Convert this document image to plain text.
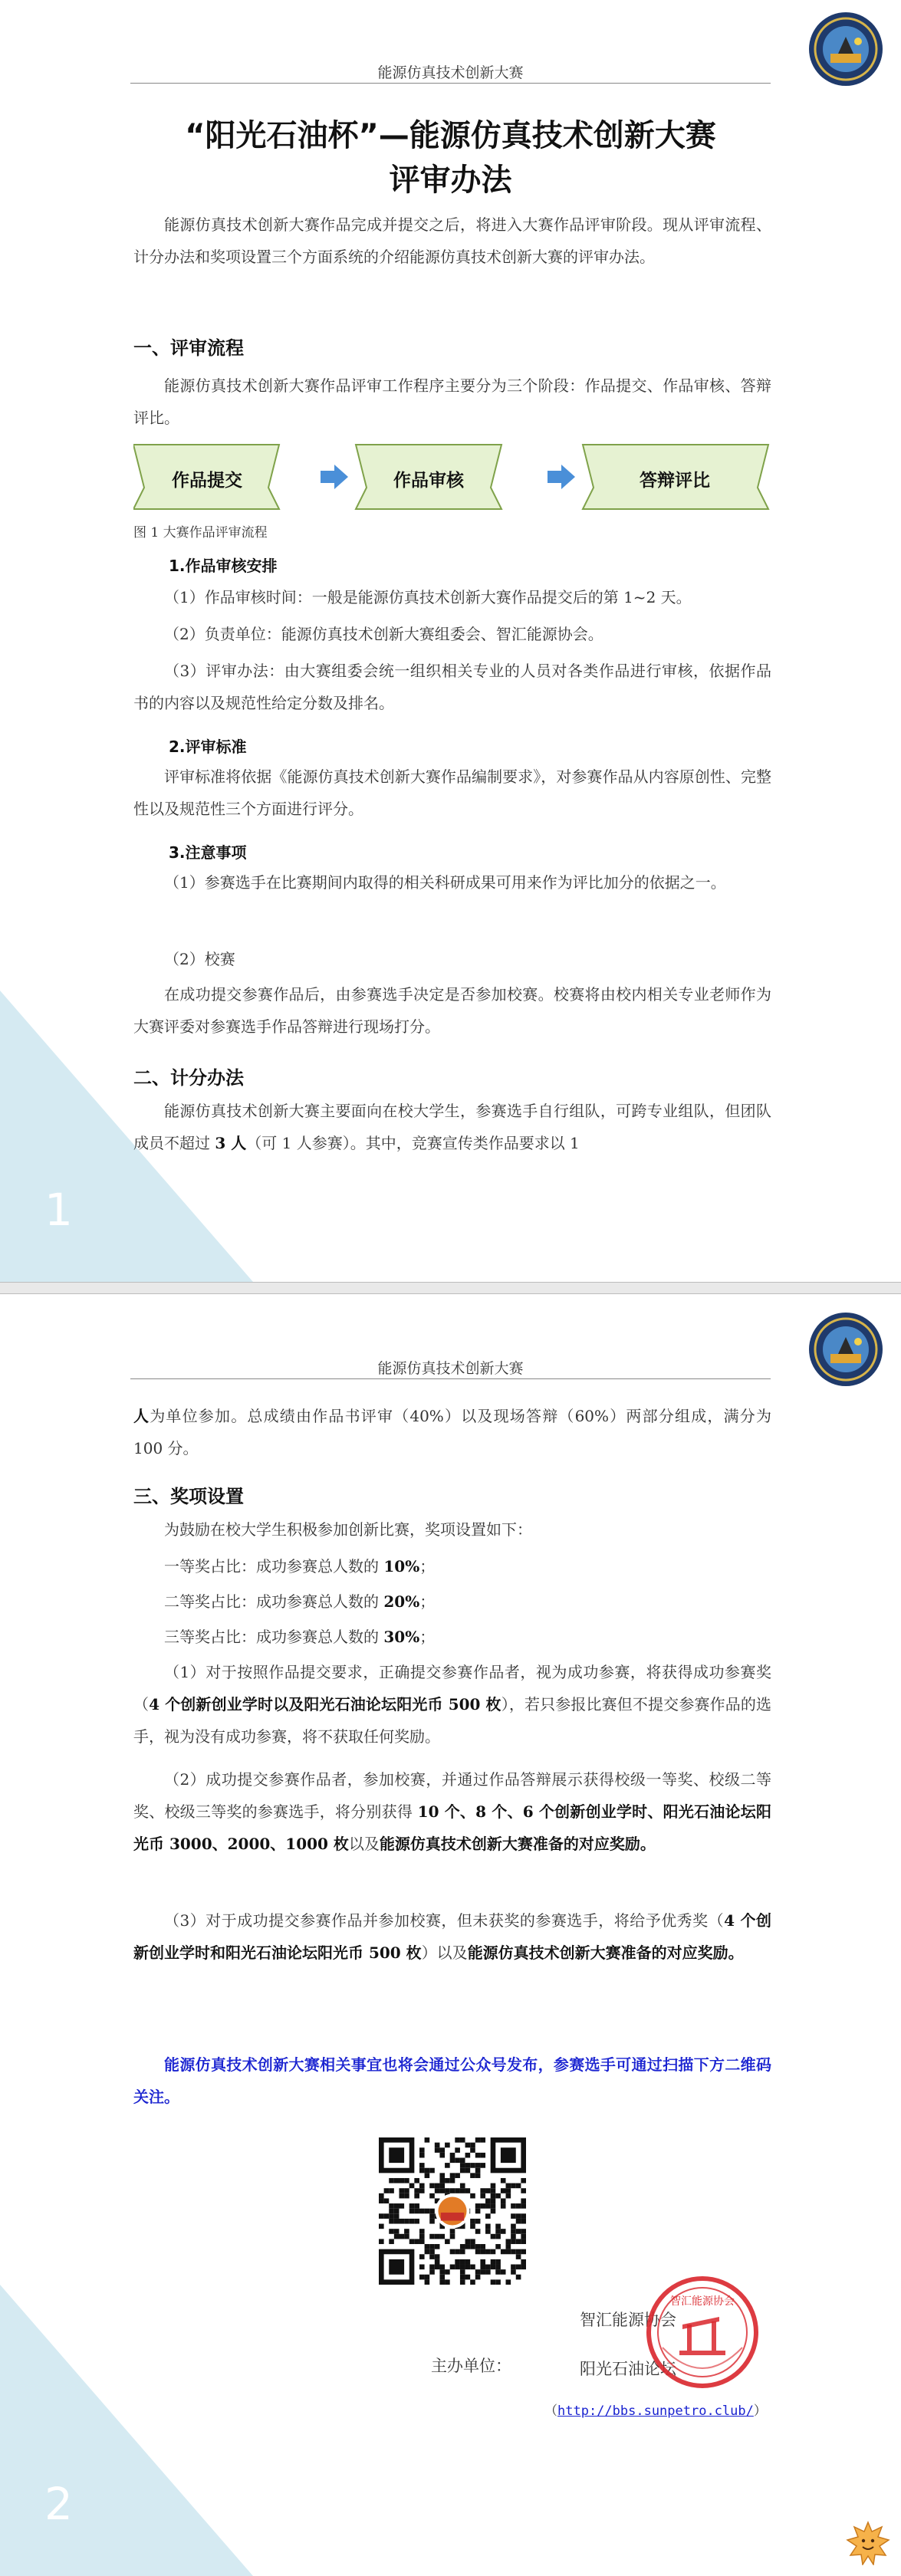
1
能源仿真技术创新大赛
“阳光石油杯”—能源仿真技术创新大赛
评审办法
能源仿真技术创新大赛作品完成并提交之后，将进入大赛作品评审阶段。现从评审流程、计分办法和奖项设置三个方面系统的介绍能源仿真技术创新大赛的评审办法。
一、评审流程
能源仿真技术创新大赛作品评审工作程序主要分为三个阶段：作品提交、作品审核、答辩评比。
作品提交	作品审核	答辩评比
图 1 大赛作品评审流程
1.作品审核安排
（1）作品审核时间：一般是能源仿真技术创新大赛作品提交后的第 1~2 天。
（2）负责单位：能源仿真技术创新大赛组委会、智汇能源协会。
（3）评审办法：由大赛组委会统一组织相关专业的人员对各类作品进行审核，依据作品书的内容以及规范性给定分数及排名。
2.评审标准
评审标准将依据《能源仿真技术创新大赛作品编制要求》，对参赛作品从内容原创性、完整性以及规范性三个方面进行评分。
3.注意事项
（1）参赛选手在比赛期间内取得的相关科研成果可用来作为评比加分的依据之一。
（2）校赛
在成功提交参赛作品后，由参赛选手决定是否参加校赛。校赛将由校内相关专业老师作为大赛评委对参赛选手作品答辩进行现场打分。
二、计分办法
能源仿真技术创新大赛主要面向在校大学生，参赛选手自行组队，可跨专业组队，但团队成员不超过 3 人（可 1 人参赛）。其中，竞赛宣传类作品要求以 1
2
能源仿真技术创新大赛
人为单位参加。总成绩由作品书评审（40%）以及现场答辩（60%）两部分组成，满分为 100 分。
三、奖项设置
为鼓励在校大学生积极参加创新比赛，奖项设置如下：
一等奖占比：成功参赛总人数的 10%；
二等奖占比：成功参赛总人数的 20%；
三等奖占比：成功参赛总人数的 30%；
（1）对于按照作品提交要求，正确提交参赛作品者，视为成功参赛，将获得成功参赛奖（4 个创新创业学时以及阳光石油论坛阳光币 500 枚），若只参报比赛但不提交参赛作品的选手，视为没有成功参赛，将不获取任何奖励。
（2）成功提交参赛作品者，参加校赛，并通过作品答辩展示获得校级一等奖、校级二等奖、校级三等奖的参赛选手，将分别获得 10 个、8 个、6 个创新创业学时、阳光石油论坛阳光币 3000、2000、1000 枚以及能源仿真技术创新大赛准备的对应奖励。
（3）对于成功提交参赛作品并参加校赛，但未获奖的参赛选手，将给予优秀奖（4 个创新创业学时和阳光石油论坛阳光币 500 枚）以及能源仿真技术创新大赛准备的对应奖励。
能源仿真技术创新大赛相关事宜也将会通过公众号发布，参赛选手可通过扫描下方二维码关注。
智汇能源协会
主办单位：	阳光石油论坛
（http://bbs.sunpetro.club/）
智汇能源协会
